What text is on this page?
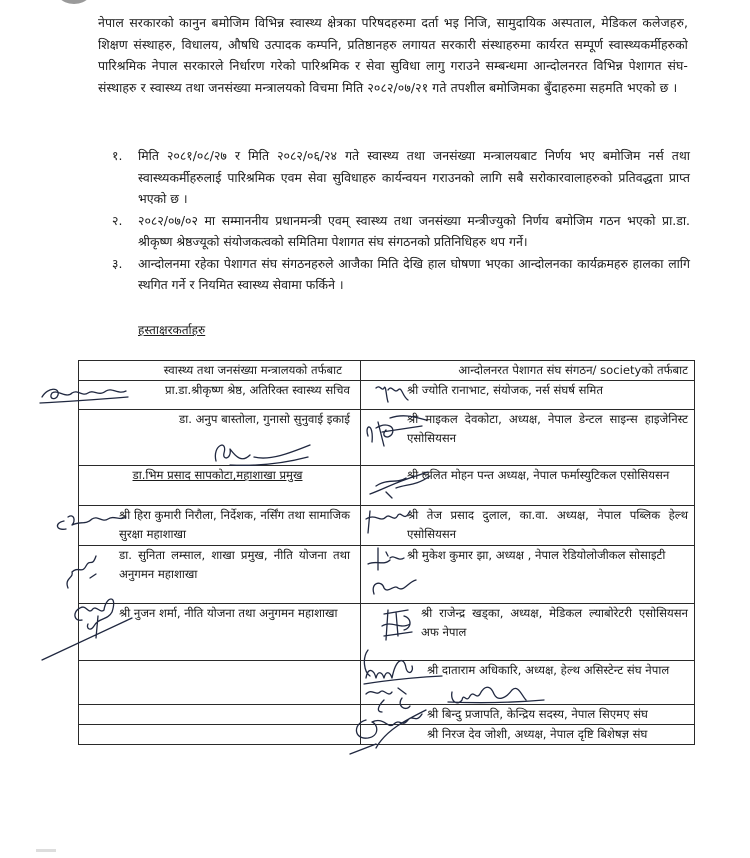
नेपाल सरकारको कानुन बमोजिम विभिन्न स्वास्थ्य क्षेत्रका परिषदहरुमा दर्ता भइ निजि, सामुदायिक अस्पताल, मेडिकल कलेजहरु, शिक्षण संस्थाहरु, विधालय, औषधि उत्पादक कम्पनि, प्रतिष्ठानहरु लगायत सरकारी संस्थाहरुमा कार्यरत सम्पूर्ण स्वास्थ्यकर्मीहरुको पारिश्रमिक नेपाल सरकारले निर्धारण गरेको पारिश्रमिक र सेवा सुविधा लागु गराउने सम्बन्धमा आन्दोलनरत विभिन्न पेशागत संघ-संस्थाहरु र स्वास्थ्य तथा जनसंख्या मन्त्रालयको विचमा मिति २०८२/०७/२१ गते तपशील बमोजिमका बुँदाहरुमा सहमति भएको छ ।

१. मिति २०८१/०८/२७ र मिति २०८२/०६/२४ गते स्वास्थ्य तथा जनसंख्या मन्त्रालयबाट निर्णय भए बमोजिम नर्स तथा स्वास्थ्यकर्मीहरुलाई पारिश्रमिक एवम सेवा सुविधाहरु कार्यन्वयन गराउनको लागि सबै सरोकारवालाहरुको प्रतिवद्धता प्राप्त भएको छ ।
२. २०८२/०७/०२ मा सम्माननीय प्रधानमन्त्री एवम् स्वास्थ्य तथा जनसंख्या मन्त्रीज्युको निर्णय बमोजिम गठन भएको प्रा.डा. श्रीकृष्ण श्रेष्ठज्यूको संयोजकत्वको समितिमा पेशागत संघ संगठनको प्रतिनिधिहरु थप गर्ने।
३. आन्दोलनमा रहेका पेशागत संघ संगठनहरुले आजैका मिति देखि हाल घोषणा भएका आन्दोलनका कार्यक्रमहरु हालका लागि स्थगित गर्ने र नियमित स्वास्थ्य सेवामा फर्किने ।
हस्ताक्षरकर्ताहरु
स्वास्थ्य तथा जनसंख्या मन्त्रालयको तर्फबाट	आन्दोलनरत पेशागत संघ संगठन/ societyको तर्फबाट
प्रा.डा.श्रीकृष्ण श्रेष्ठ, अतिरिक्त स्वास्थ्य सचिव	श्री ज्योति रानाभाट, संयोजक, नर्स संघर्ष समित
डा. अनुप बास्तोला, गुनासो सुनुवाई इकाई	श्री माइकल देवकोटा, अध्यक्ष, नेपाल डेन्टल साइन्स हाइजेनिस्ट एसोसियसन
डा.भिम प्रसाद सापकोटा,महाशाखा प्रमुख	श्री ललित मोहन पन्त अध्यक्ष, नेपाल फर्मास्युटिकल एसोसियसन
श्री हिरा कुमारी निरौला, निर्देशक, नर्सिंग तथा सामाजिक सुरक्षा महाशाखा	श्री तेज प्रसाद दुलाल, का.वा. अध्यक्ष, नेपाल पब्लिक हेल्थ एसोसियसन
डा. सुनिता लम्साल, शाखा प्रमुख, नीति योजना तथा अनुगमन महाशाखा	श्री मुकेश कुमार झा, अध्यक्ष , नेपाल रेडियोलोजीकल सोसाइटी
श्री नुजन शर्मा, नीति योजना तथा अनुगमन महाशाखा	श्री राजेन्द्र खड्का, अध्यक्ष, मेडिकल ल्याबोरेटरी एसोसियसन अफ नेपाल
	श्री दाताराम अधिकारि, अध्यक्ष, हेल्थ असिस्टेन्ट संघ नेपाल
	श्री बिन्दु प्रजापति, केन्द्रिय सदस्य, नेपाल सिएमए संघ
	श्री निरज देव जोशी, अध्यक्ष, नेपाल दृष्टि बिशेषज्ञ संघ
